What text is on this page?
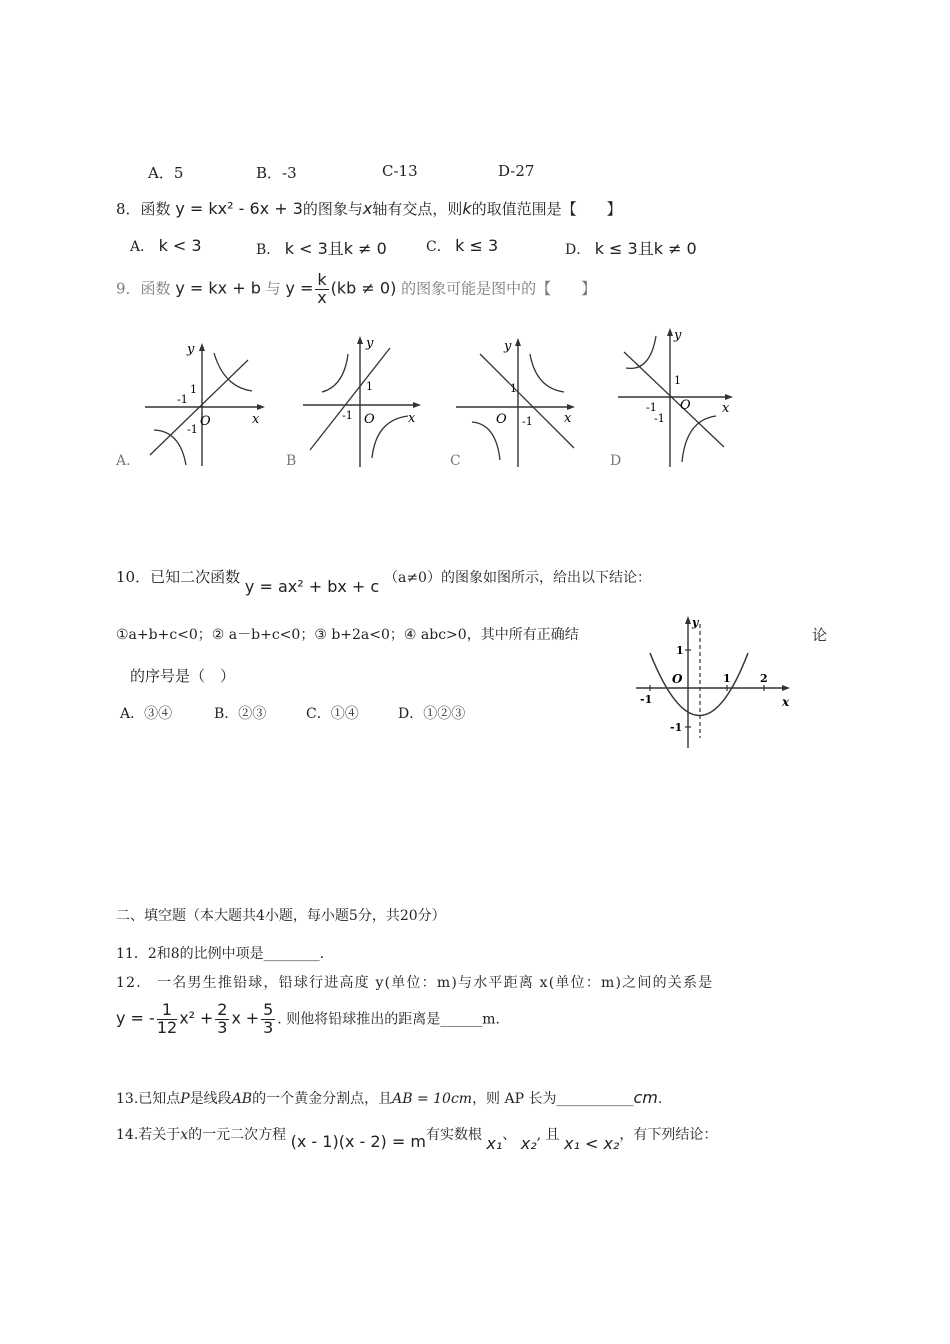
A．5	B．-3	C-13	D-27
8．函数 y = kx² - 6x + 3的图象与x轴有交点，则k的取值范围是【　　】
A． k < 3	B． k < 3且k ≠ 0	C． k ≤ 3	D． k ≤ 3且k ≠ 0
9．函数 y = kx + b 与 $y = \frac{k}{x} (kb \ne 0)$ 的图象可能是图中的【　　】
y
x
O
-1
1
-1
y
x
O
-1
1
y
x
O
1
-1
y
x
O
1
-1
-1
A.	B	C	D
10．已知二次函数 y = ax² + bx + c （a≠0）的图象如图所示，给出以下结论：
①a+b+c<0；② a－b+c<0；③ b+2a<0；④ abc>0，其中所有正确结	论
的序号是（　）
A．③④	B．②③	C．①④	D．①②③
y
x
O
1
-1
-1
1	2
二、填空题（本大题共4小题，每小题5分，共20分）
11．2和8的比例中项是________.
12.　一名男生推铅球，铅球行进高度 y(单位：m)与水平距离 x(单位：m)之间的关系是
y = - $\frac{1}{12} x^2 + \frac{2}{3}$ $x + \frac{5}{3}$ . 则他将铅球推出的距离是______m.
13.已知点P是线段AB的一个黄金分割点，且AB = 10cm，则 AP 长为___________cm.
14.若关于x的一元二次方程 (x - 1)(x - 2) = m有实数根 x₁、 x₂, 且 x₁ < x₂，有下列结论：
